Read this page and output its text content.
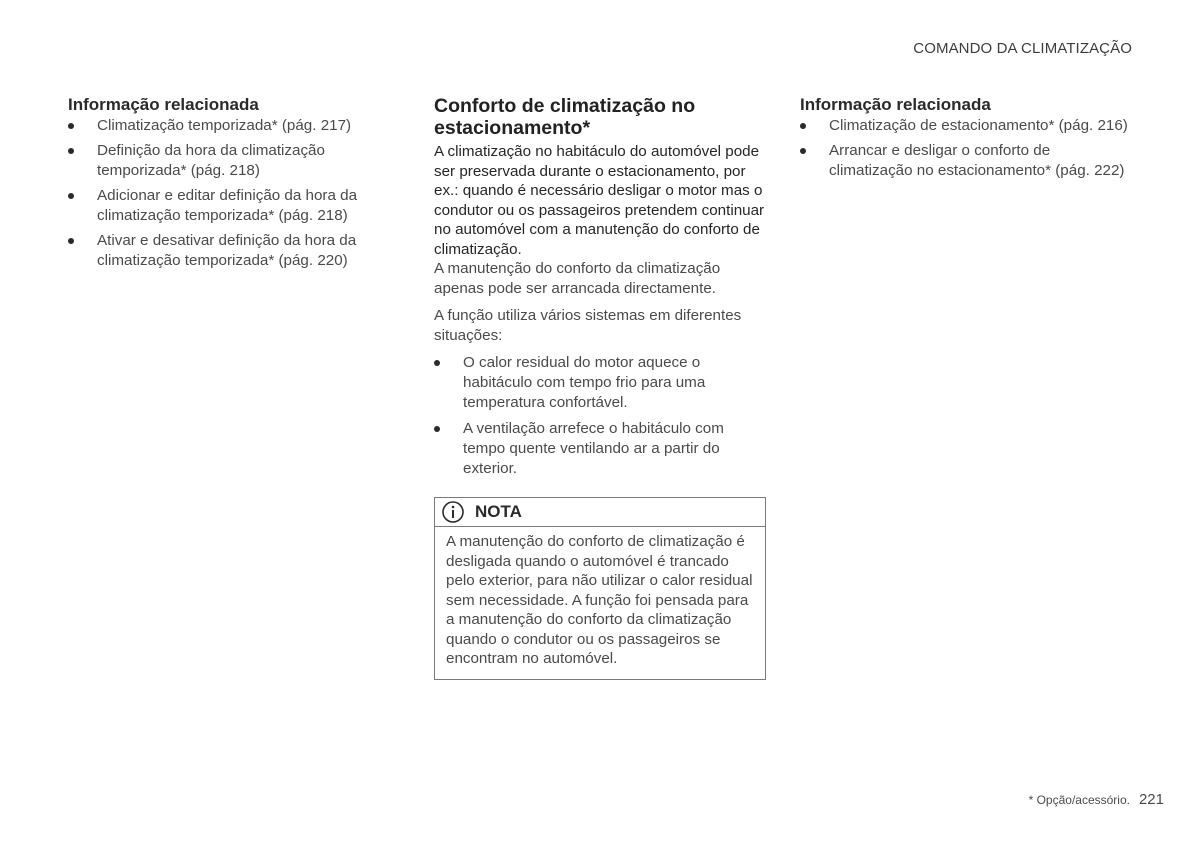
COMANDO DA CLIMATIZAÇÃO
Informação relacionada
Climatização temporizada* (pág. 217)
Definição da hora da climatização temporizada* (pág. 218)
Adicionar e editar definição da hora da climatização temporizada* (pág. 218)
Ativar e desativar definição da hora da climatização temporizada* (pág. 220)
Conforto de climatização no estacionamento*

A climatização no habitáculo do automóvel pode ser preservada durante o estacionamento, por ex.: quando é necessário desligar o motor mas o condutor ou os passageiros pretendem continuar no automóvel com a manutenção do conforto de climatização.

A manutenção do conforto da climatização apenas pode ser arrancada directamente.

A função utiliza vários sistemas em diferentes situações:

O calor residual do motor aquece o habitáculo com tempo frio para uma temperatura confortável.
A ventilação arrefece o habitáculo com tempo quente ventilando ar a partir do exterior.
NOTA
A manutenção do conforto de climatização é desligada quando o automóvel é trancado pelo exterior, para não utilizar o calor residual sem necessidade. A função foi pensada para a manutenção do conforto da climatização quando o condutor ou os passageiros se encontram no automóvel.
Informação relacionada
Climatização de estacionamento* (pág. 216)
Arrancar e desligar o conforto de climatização no estacionamento* (pág. 222)
* Opção/acessório. 221
